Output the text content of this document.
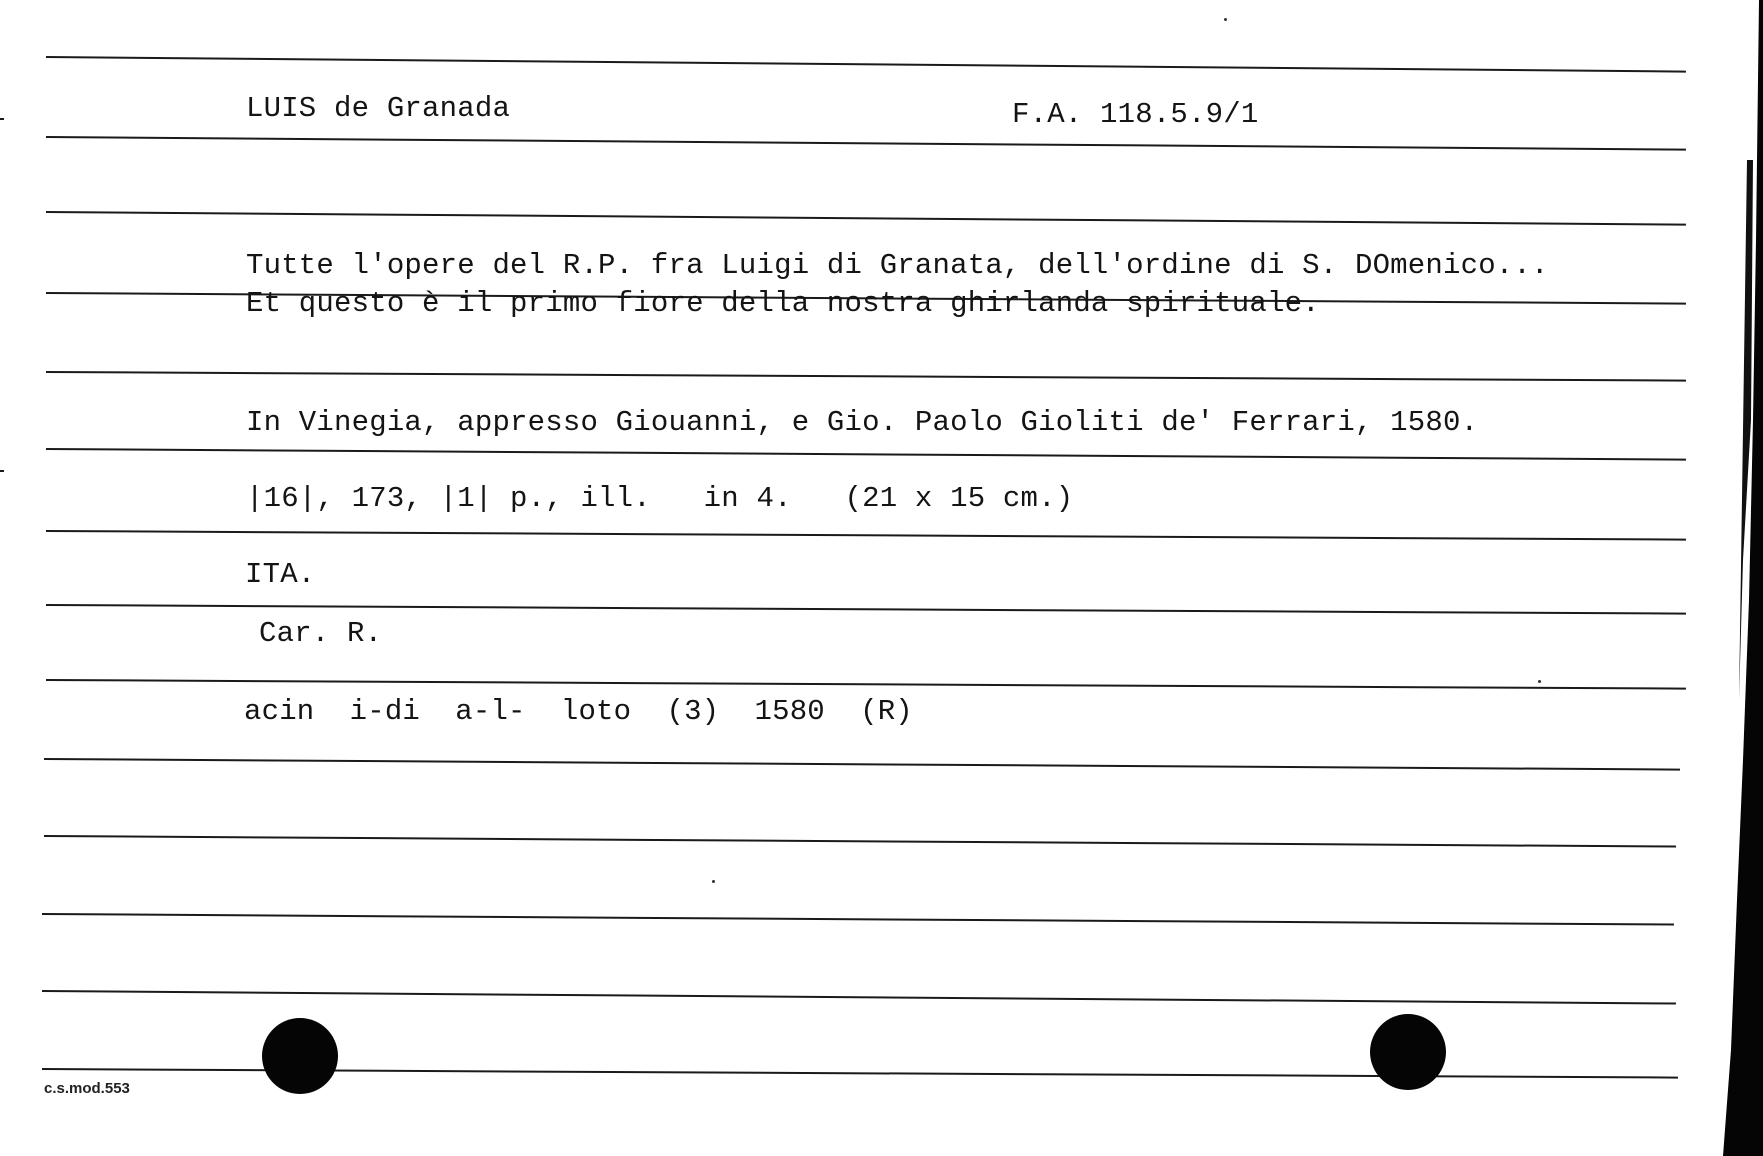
LUIS de Granada	F.A. 118.5.9/1
Tutte l'opere del R.P. fra Luigi di Granata, dell'ordine di S. DOmenico...
Et questo è il primo fiore della nostra ghirlanda spirituale.
In Vinegia, appresso Giouanni, e Gio. Paolo Gioliti de' Ferrari, 1580.
|16|, 173, |1| p., ill.   in 4.   (21 x 15 cm.)
ITA.
Car. R.
acin  i-di  a-l-  loto  (3)  1580  (R)
c.s.mod.553
